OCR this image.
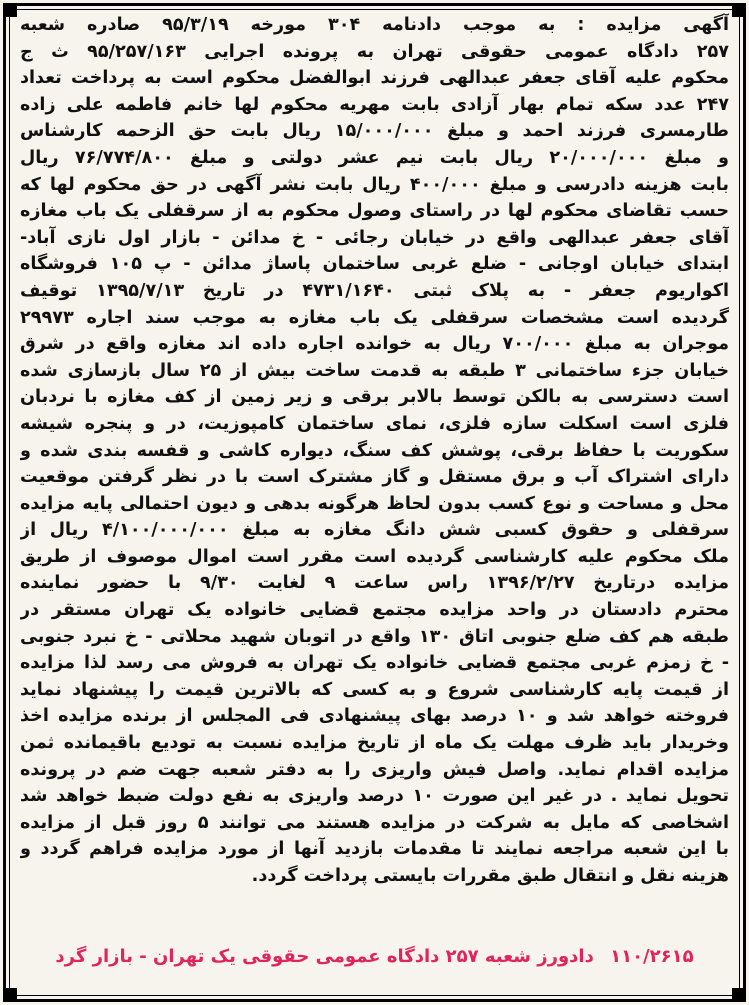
آگهی مزایده : به موجب دادنامه ۳۰۴ مورخه ۹۵/۳/۱۹ صادره شعبه
۲۵۷ دادگاه عمومی حقوقی تهران به پرونده اجرایی ۹۵/۲۵۷/۱۶۳ ث ج
محکوم علیه آقای جعفر عبدالهی فرزند ابوالفضل محکوم است به پرداخت تعداد
۲۴۷ عدد سکه تمام بهار آزادی بابت مهریه محکوم لها خانم فاطمه علی زاده
طارمسری فرزند احمد و مبلغ ۱۵/۰۰۰/۰۰۰ ریال بابت حق الزحمه کارشناس
و مبلغ ۲۰/۰۰۰/۰۰۰ ریال بابت نیم عشر دولتی و مبلغ ۷۶/۷۷۴/۸۰۰ ریال
بابت هزینه دادرسی و مبلغ ۴۰۰/۰۰۰ ریال بابت نشر آگهی در حق محکوم لها که
حسب تقاضای محکوم لها در راستای وصول محکوم به از سرقفلی یک باب مغازه
آقای جعفر عبدالهی واقع در خیابان رجائی - خ مدائن - بازار اول نازی آباد-
ابتدای خیابان اوجانی - ضلع غربی ساختمان پاساژ مدائن - پ ۱۰۵ فروشگاه
اکواریوم جعفر - به پلاک ثبتی ۴۷۳۱/۱۶۴۰ در تاریخ ۱۳۹۵/۷/۱۳ توقیف
گردیده است مشخصات سرقفلی یک باب مغازه به موجب سند اجاره ۲۹۹۷۳
موجران به مبلغ ۷۰۰/۰۰۰ ریال به خوانده اجاره داده اند مغازه واقع در شرق
خیابان جزء ساختمانی ۳ طبقه به قدمت ساخت بیش از ۲۵ سال بازسازی شده
است دسترسی به بالکن توسط بالابر برقی و زیر زمین از کف مغازه با نردبان
فلزی است اسکلت سازه فلزی، نمای ساختمان کامپوزیت، در و پنجره شیشه
سکوریت با حفاظ برقی، پوشش کف سنگ، دیواره کاشی و قفسه بندی شده و
دارای اشتراک آب و برق مستقل و گاز مشترک است با در نظر گرفتن موقعیت
محل و مساحت و نوع کسب بدون لحاظ هرگونه بدهی و دیون احتمالی پایه مزایده
سرقفلی و حقوق کسبی شش دانگ مغازه به مبلغ ۴/۱۰۰/۰۰۰/۰۰۰ ریال از
ملک محکوم علیه کارشناسی گردیده است مقرر است اموال موصوف از طریق
مزایده درتاریخ ۱۳۹۶/۲/۲۷ راس ساعت ۹ لغایت ۹/۳۰ با حضور نماینده
محترم دادستان در واحد مزایده مجتمع قضایی خانواده یک تهران مستقر در
طبقه هم کف ضلع جنوبی اتاق ۱۳۰ واقع در اتوبان شهید محلاتی - خ نبرد جنوبی
- خ زمزم غربی مجتمع قضایی خانواده یک تهران به فروش می رسد لذا مزایده
از قیمت پایه کارشناسی شروع و به کسی که بالاترین قیمت را پیشنهاد نماید
فروخته خواهد شد و ۱۰ درصد بهای پیشنهادی فی المجلس از برنده مزایده اخذ
وخریدار باید ظرف مهلت یک ماه از تاریخ مزایده نسبت به تودیع باقیمانده ثمن
مزایده اقدام نماید. واصل فیش واریزی را به دفتر شعبه جهت ضم در پرونده
تحویل نماید . در غیر این صورت ۱۰ درصد واریزی به نفع دولت ضبط خواهد شد
اشخاصی که مایل به شرکت در مزایده هستند می توانند ۵ روز قبل از مزایده
با این شعبه مراجعه نمایند تا مقدمات بازدید آنها از مورد مزایده فراهم گردد و
هزینه نقل و انتقال طبق مقررات بایستی پرداخت گردد.
۱۱۰/۲۶۱۵ دادورز شعبه ۲۵۷ دادگاه عمومی حقوقی یک تهران - بازار گرد
